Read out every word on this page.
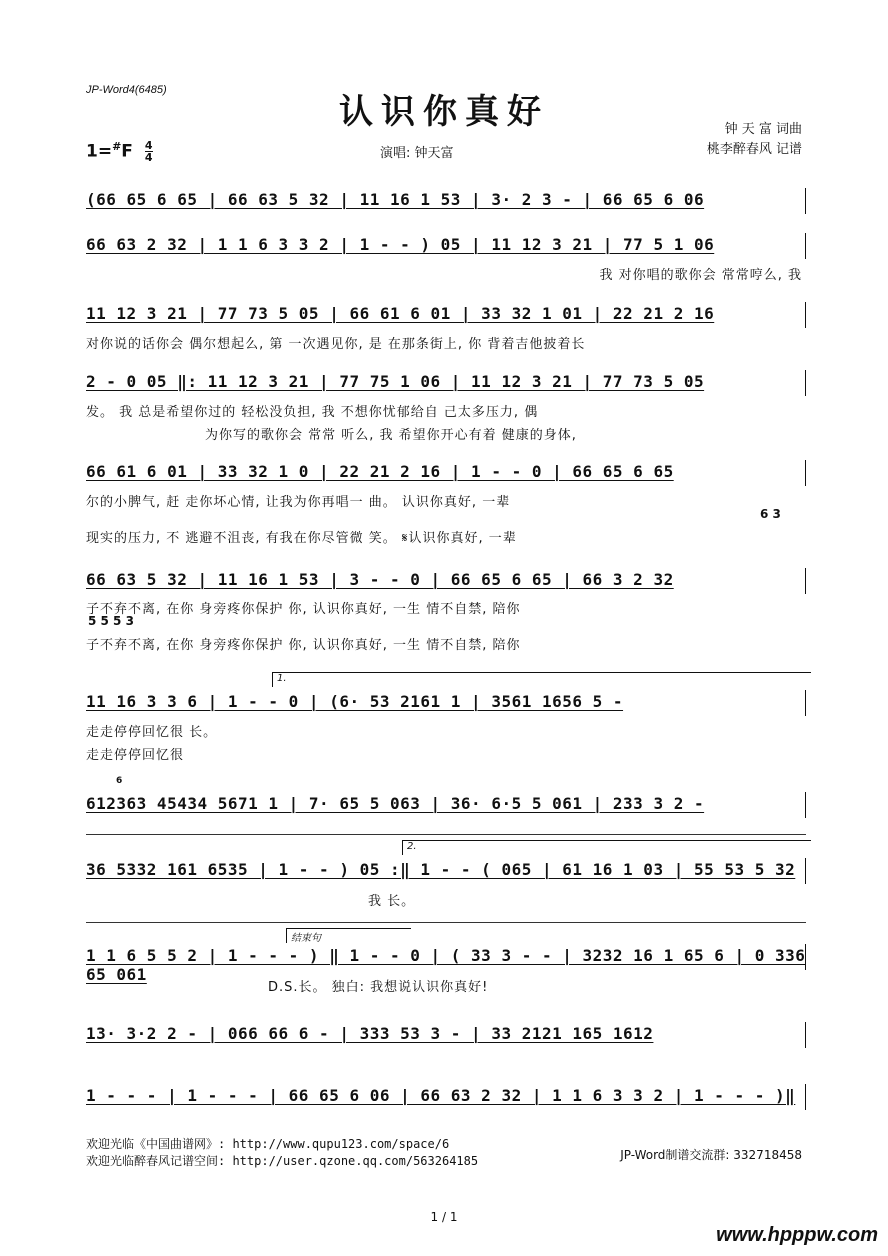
JP-Word4(6485)
认识你真好	钟 天 富 词曲
桃李醉春风 记谱
$1=^{\#}F \frac{4}{4}$	演唱: 钟天富
(66 65 6 65 | 66 63 5 32 | 11 16 1 53 | 3· 2 3 - | 66 65 6 06
66 63 2 32 | 1 1 6 3 3 2 | 1 - - ) 05 | 11 12 3 21 | 77 5 1 06
我 对你唱的歌你会 常常哼么, 我
11 12 3 21 | 77 73 5 05 | 66 61 6 01 | 33 32 1 01 | 22 21 2 16
对你说的话你会 偶尔想起么, 第 一次遇见你, 是 在那条街上, 你 背着吉他披着长
2 - 0 05 ‖: 11 12 3 21 | 77 75 1 06 | 11 12 3 21 | 77 73 5 05
发。 我 总是希望你过的 轻松没负担, 我 不想你忧郁给自 己太多压力, 偶
为你写的歌你会 常常 听么, 我 希望你开心有着 健康的身体,
66 61 6 01 | 33 32 1 0 | 22 21 2 16 | 1 - - 0 | 66 65 6 65
尔的小脾气, 赶 走你坏心情, 让我为你再唱一 曲。 认识你真好, 一辈
6 3
现实的压力, 不 逃避不沮丧, 有我在你尽管微 笑。 𝄋认识你真好, 一辈
66 63 5 32 | 11 16 1 53 | 3 - - 0 | 66 65 6 65 | 66 3 2 32
子不弃不离, 在你 身旁疼你保护 你, 认识你真好, 一生 情不自禁, 陪你
5 5 5 3
子不弃不离, 在你 身旁疼你保护 你, 认识你真好, 一生 情不自禁, 陪你
1.
11 16 3 3 6 | 1 - - 0 | (6· 53 2161 1 | 3561 1656 5 -
走走停停回忆很 长。
走走停停回忆很
6
612363 45434 5671 1 | 7· 65 5 063 | 36· 6·5 5 061 | 233 3 2 -
2.
36 5332 161 6535 | 1 - - ) 05 :‖ 1 - - ( 065 | 61 16 1 03 | 55 53 5 32
我 长。
结束句
1 1 6 5 5 2 | 1 - - - ) ‖ 1 - - 0 | ( 33 3 - - | 3232 16 1 65 6 | 0 336 65 061
D.S.长。 独白: 我想说认识你真好!
13· 3·2 2 - | 066 66 6 - | 333 53 3 - | 33 2121 165 1612
1 - - - | 1 - - - | 66 65 6 06 | 66 63 2 32 | 1 1 6 3 3 2 | 1 - - - )‖
欢迎光临《中国曲谱网》: http://www.qupu123.com/space/6
欢迎光临醉春风记谱空间: http://user.qzone.qq.com/563264185	JP-Word制谱交流群: 332718458
1 / 1
www.hpppw.com
